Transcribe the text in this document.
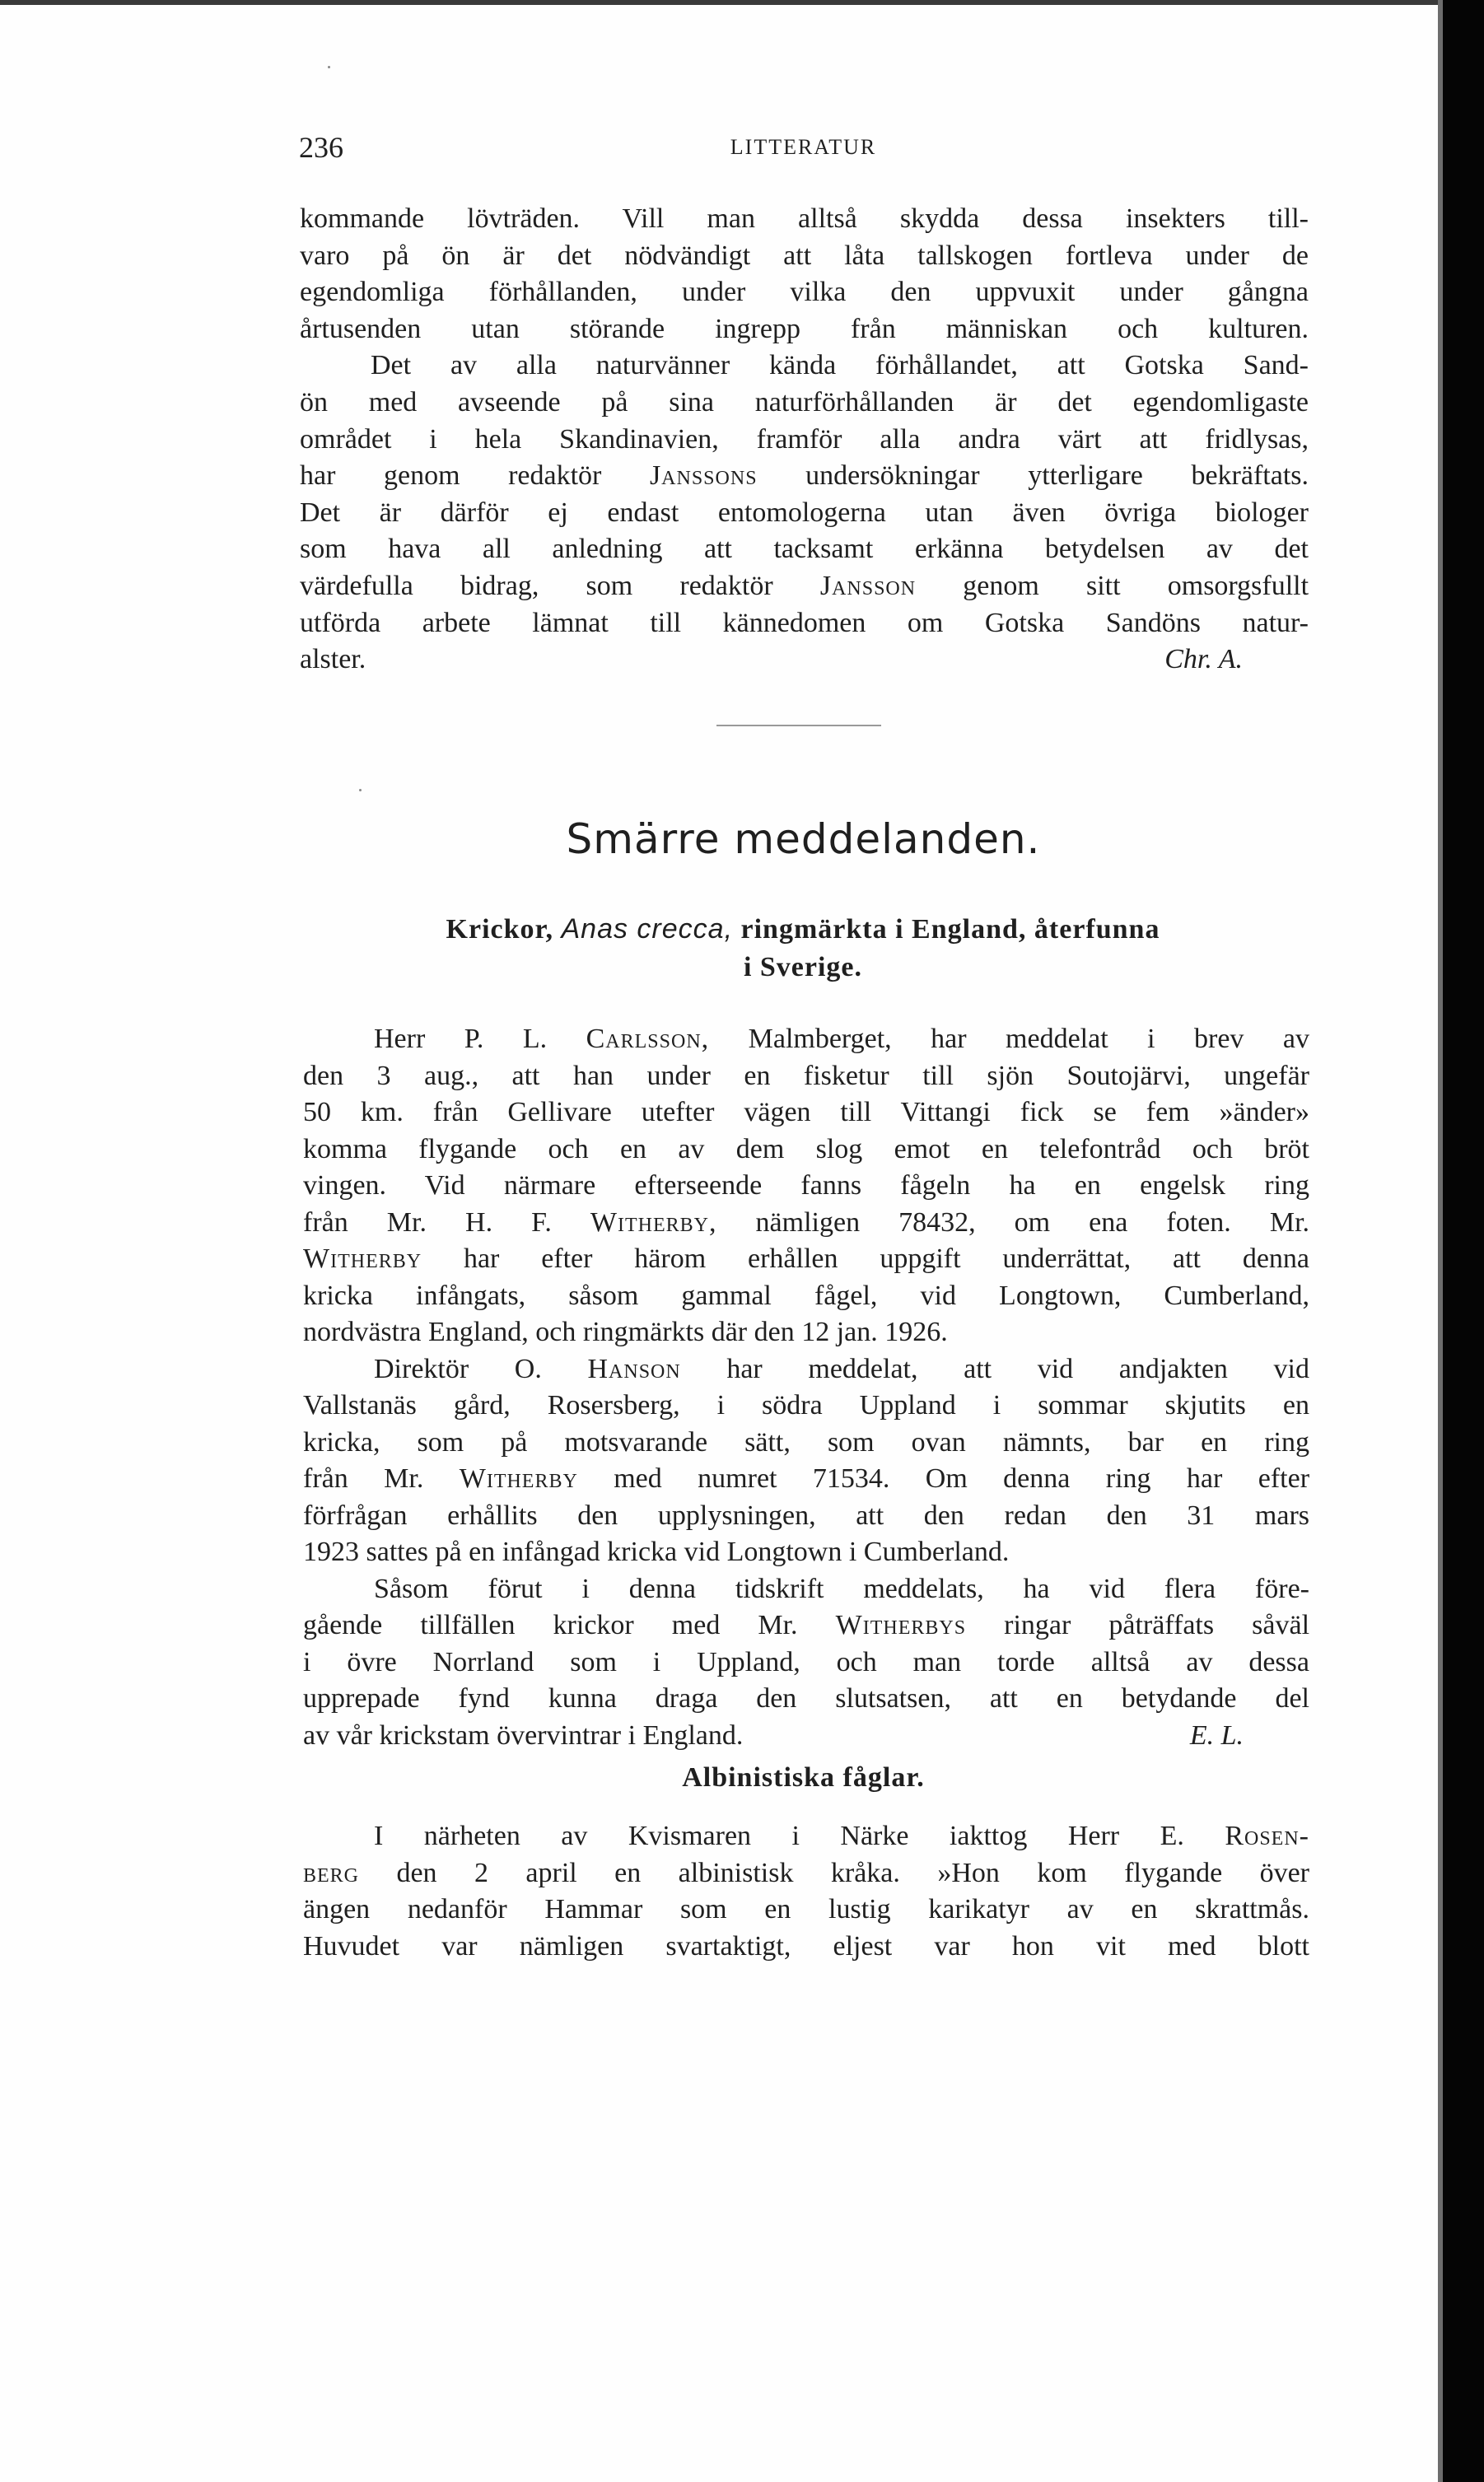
236	LITTERATUR
kommande lövträden. Vill man alltså skydda dessa insekters till-
varo på ön är det nödvändigt att låta tallskogen fortleva under de
egendomliga förhållanden, under vilka den uppvuxit under gångna
årtusenden utan störande ingrepp från människan och kulturen.
Det av alla naturvänner kända förhållandet, att Gotska Sand-
ön med avseende på sina naturförhållanden är det egendomligaste
området i hela Skandinavien, framför alla andra värt att fridlysas,
har genom redaktör Janssons undersökningar ytterligare bekräftats.
Det är därför ej endast entomologerna utan även övriga biologer
som hava all anledning att tacksamt erkänna betydelsen av det
värdefulla bidrag, som redaktör Jansson genom sitt omsorgsfullt
utförda arbete lämnat till kännedomen om Gotska Sandöns natur-
alster.	Chr. A.
Smärre meddelanden.
Krickor, Anas crecca, ringmärkta i England, återfunna
i Sverige.
Herr P. L. Carlsson, Malmberget, har meddelat i brev av
den 3 aug., att han under en fisketur till sjön Soutojärvi, ungefär
50 km. från Gellivare utefter vägen till Vittangi fick se fem »änder»
komma flygande och en av dem slog emot en telefontråd och bröt
vingen. Vid närmare efterseende fanns fågeln ha en engelsk ring
från Mr. H. F. Witherby, nämligen 78432, om ena foten. Mr.
Witherby har efter härom erhållen uppgift underrättat, att denna
kricka infångats, såsom gammal fågel, vid Longtown, Cumberland,
nordvästra England, och ringmärkts där den 12 jan. 1926.
Direktör O. Hanson har meddelat, att vid andjakten vid
Vallstanäs gård, Rosersberg, i södra Uppland i sommar skjutits en
kricka, som på motsvarande sätt, som ovan nämnts, bar en ring
från Mr. Witherby med numret 71534. Om denna ring har efter
förfrågan erhållits den upplysningen, att den redan den 31 mars
1923 sattes på en infångad kricka vid Longtown i Cumberland.
Såsom förut i denna tidskrift meddelats, ha vid flera före-
gående tillfällen krickor med Mr. Witherbys ringar påträffats såväl
i övre Norrland som i Uppland, och man torde alltså av dessa
upprepade fynd kunna draga den slutsatsen, att en betydande del
av vår krickstam övervintrar i England.	E. L.
Albinistiska fåglar.
I närheten av Kvismaren i Närke iakttog Herr E. Rosen-
berg den 2 april en albinistisk kråka. »Hon kom flygande över
ängen nedanför Hammar som en lustig karikatyr av en skrattmås.
Huvudet var nämligen svartaktigt, eljest var hon vit med blott
